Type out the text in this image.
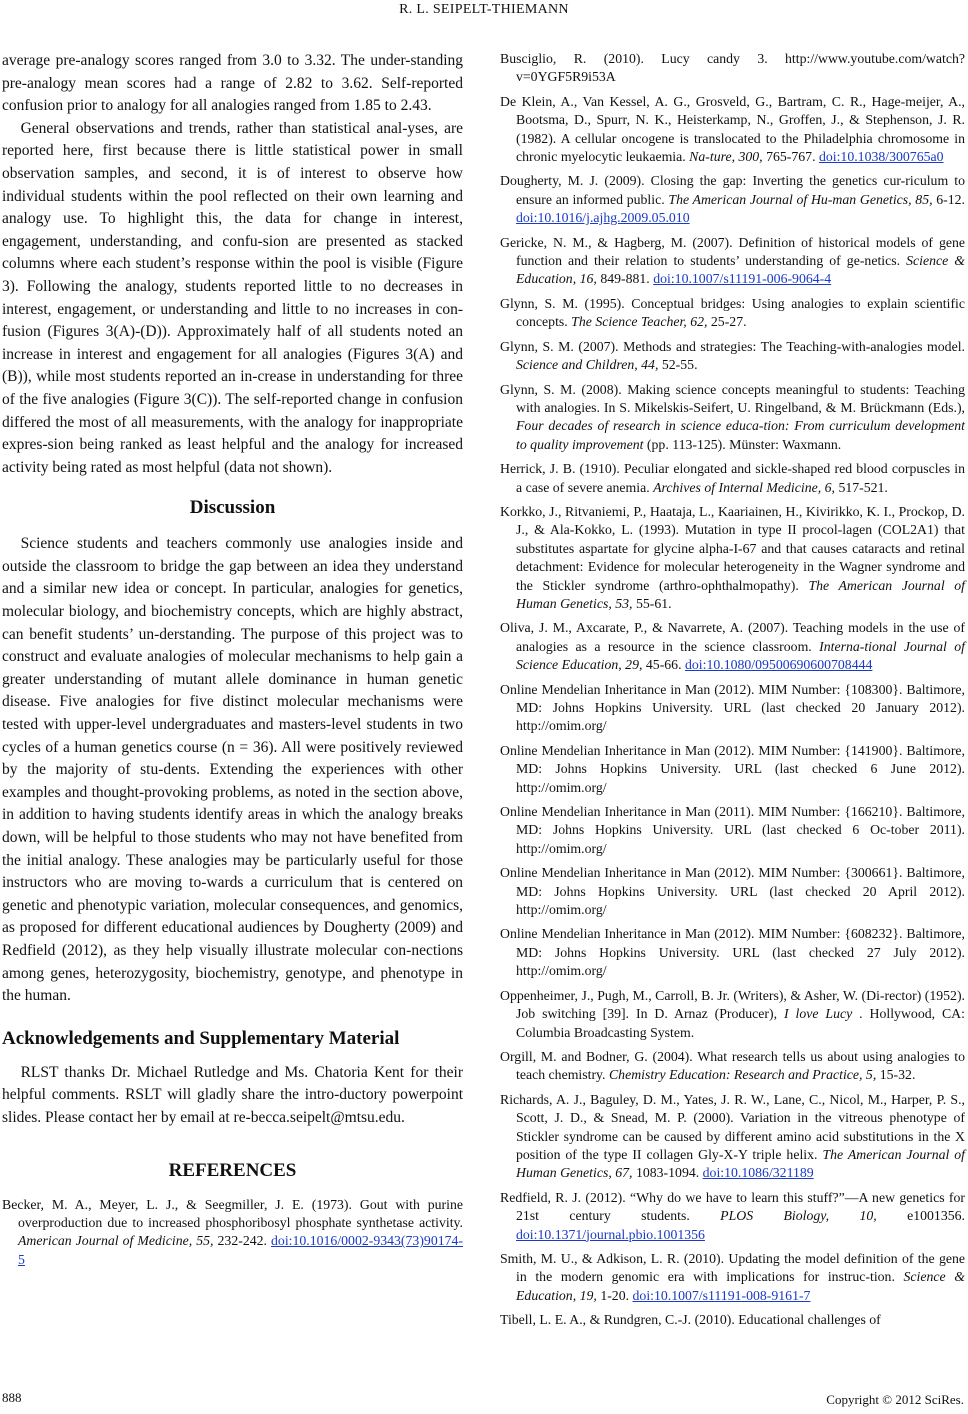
R. L. SEIPELT-THIEMANN

average pre-analogy scores ranged from 3.0 to 3.32. The under-standing pre-analogy mean scores had a range of 2.82 to 3.62. Self-reported confusion prior to analogy for all analogies ranged from 1.85 to 2.43.

General observations and trends, rather than statistical anal-yses, are reported here, first because there is little statistical power in small observation samples, and second, it is of interest to observe how individual students within the pool reflected on their own learning and analogy use. To highlight this, the data for change in interest, engagement, understanding, and confu-sion are presented as stacked columns where each student’s response within the pool is visible (Figure 3). Following the analogy, students reported little to no decreases in interest, engagement, or understanding and little to no increases in con-fusion (Figures 3(A)-(D)). Approximately half of all students noted an increase in interest and engagement for all analogies (Figures 3(A) and (B)), while most students reported an in-crease in understanding for three of the five analogies (Figure 3(C)). The self-reported change in confusion differed the most of all measurements, with the analogy for inappropriate expres-sion being ranked as least helpful and the analogy for increased activity being rated as most helpful (data not shown).

Discussion

Science students and teachers commonly use analogies inside and outside the classroom to bridge the gap between an idea they understand and a similar new idea or concept. In particular, analogies for genetics, molecular biology, and biochemistry concepts, which are highly abstract, can benefit students’ un-derstanding. The purpose of this project was to construct and evaluate analogies of molecular mechanisms to help gain a greater understanding of mutant allele dominance in human genetic disease. Five analogies for five distinct molecular mechanisms were tested with upper-level undergraduates and masters-level students in two cycles of a human genetics course (n = 36). All were positively reviewed by the majority of stu-dents. Extending the experiences with other examples and thought-provoking problems, as noted in the section above, in addition to having students identify areas in which the analogy breaks down, will be helpful to those students who may not have benefited from the initial analogy. These analogies may be particularly useful for those instructors who are moving to-wards a curriculum that is centered on genetic and phenotypic variation, molecular consequences, and genomics, as proposed for different educational audiences by Dougherty (2009) and Redfield (2012), as they help visually illustrate molecular con-nections among genes, heterozygosity, biochemistry, genotype, and phenotype in the human.

Acknowledgements and Supplementary Material

RLST thanks Dr. Michael Rutledge and Ms. Chatoria Kent for their helpful comments. RSLT will gladly share the intro-ductory powerpoint slides. Please contact her by email at re-becca.seipelt@mtsu.edu.

REFERENCES

Becker, M. A., Meyer, L. J., & Seegmiller, J. E. (1973). Gout with purine overproduction due to increased phosphoribosyl phosphate synthetase activity. American Journal of Medicine, 55, 232-242. doi:10.1016/0002-9343(73)90174-5

Busciglio, R. (2010). Lucy candy 3. http://www.youtube.com/watch?v=0YGF5R9i53A

De Klein, A., Van Kessel, A. G., Grosveld, G., Bartram, C. R., Hage-meijer, A., Bootsma, D., Spurr, N. K., Heisterkamp, N., Groffen, J., & Stephenson, J. R. (1982). A cellular oncogene is translocated to the Philadelphia chromosome in chronic myelocytic leukaemia. Na-ture, 300, 765-767. doi:10.1038/300765a0

Dougherty, M. J. (2009). Closing the gap: Inverting the genetics cur-riculum to ensure an informed public. The American Journal of Hu-man Genetics, 85, 6-12. doi:10.1016/j.ajhg.2009.05.010

Gericke, N. M., & Hagberg, M. (2007). Definition of historical models of gene function and their relation to students’ understanding of ge-netics. Science & Education, 16, 849-881. doi:10.1007/s11191-006-9064-4

Glynn, S. M. (1995). Conceptual bridges: Using analogies to explain scientific concepts. The Science Teacher, 62, 25-27.

Glynn, S. M. (2007). Methods and strategies: The Teaching-with-analogies model. Science and Children, 44, 52-55.

Glynn, S. M. (2008). Making science concepts meaningful to students: Teaching with analogies. In S. Mikelskis-Seifert, U. Ringelband, & M. Brückmann (Eds.), Four decades of research in science educa-tion: From curriculum development to quality improvement (pp. 113-125). Münster: Waxmann.

Herrick, J. B. (1910). Peculiar elongated and sickle-shaped red blood corpuscles in a case of severe anemia. Archives of Internal Medicine, 6, 517-521.

Korkko, J., Ritvaniemi, P., Haataja, L., Kaariainen, H., Kivirikko, K. I., Prockop, D. J., & Ala-Kokko, L. (1993). Mutation in type II procol-lagen (COL2A1) that substitutes aspartate for glycine alpha-I-67 and that causes cataracts and retinal detachment: Evidence for molecular heterogeneity in the Wagner syndrome and the Stickler syndrome (arthro-ophthalmopathy). The American Journal of Human Genetics, 53, 55-61.

Oliva, J. M., Axcarate, P., & Navarrete, A. (2007). Teaching models in the use of analogies as a resource in the science classroom. Interna-tional Journal of Science Education, 29, 45-66. doi:10.1080/09500690600708444

Online Mendelian Inheritance in Man (2012). MIM Number: {108300}. Baltimore, MD: Johns Hopkins University. URL (last checked 20 January 2012). http://omim.org/

Online Mendelian Inheritance in Man (2012). MIM Number: {141900}. Baltimore, MD: Johns Hopkins University. URL (last checked 6 June 2012). http://omim.org/

Online Mendelian Inheritance in Man (2011). MIM Number: {166210}. Baltimore, MD: Johns Hopkins University. URL (last checked 6 Oc-tober 2011). http://omim.org/

Online Mendelian Inheritance in Man (2012). MIM Number: {300661}. Baltimore, MD: Johns Hopkins University. URL (last checked 20 April 2012). http://omim.org/

Online Mendelian Inheritance in Man (2012). MIM Number: {608232}. Baltimore, MD: Johns Hopkins University. URL (last checked 27 July 2012). http://omim.org/

Oppenheimer, J., Pugh, M., Carroll, B. Jr. (Writers), & Asher, W. (Di-rector) (1952). Job switching [39]. In D. Arnaz (Producer), I love Lucy . Hollywood, CA: Columbia Broadcasting System.

Orgill, M. and Bodner, G. (2004). What research tells us about using analogies to teach chemistry. Chemistry Education: Research and Practice, 5, 15-32.

Richards, A. J., Baguley, D. M., Yates, J. R. W., Lane, C., Nicol, M., Harper, P. S., Scott, J. D., & Snead, M. P. (2000). Variation in the vitreous phenotype of Stickler syndrome can be caused by different amino acid substitutions in the X position of the type II collagen Gly-X-Y triple helix. The American Journal of Human Genetics, 67, 1083-1094. doi:10.1086/321189

Redfield, R. J. (2012). “Why do we have to learn this stuff?”—A new genetics for 21st century students. PLOS Biology, 10, e1001356. doi:10.1371/journal.pbio.1001356

Smith, M. U., & Adkison, L. R. (2010). Updating the model definition of the gene in the modern genomic era with implications for instruc-tion. Science & Education, 19, 1-20. doi:10.1007/s11191-008-9161-7

Tibell, L. E. A., & Rundgren, C.-J. (2010). Educational challenges of

888	Copyright © 2012 SciRes.
